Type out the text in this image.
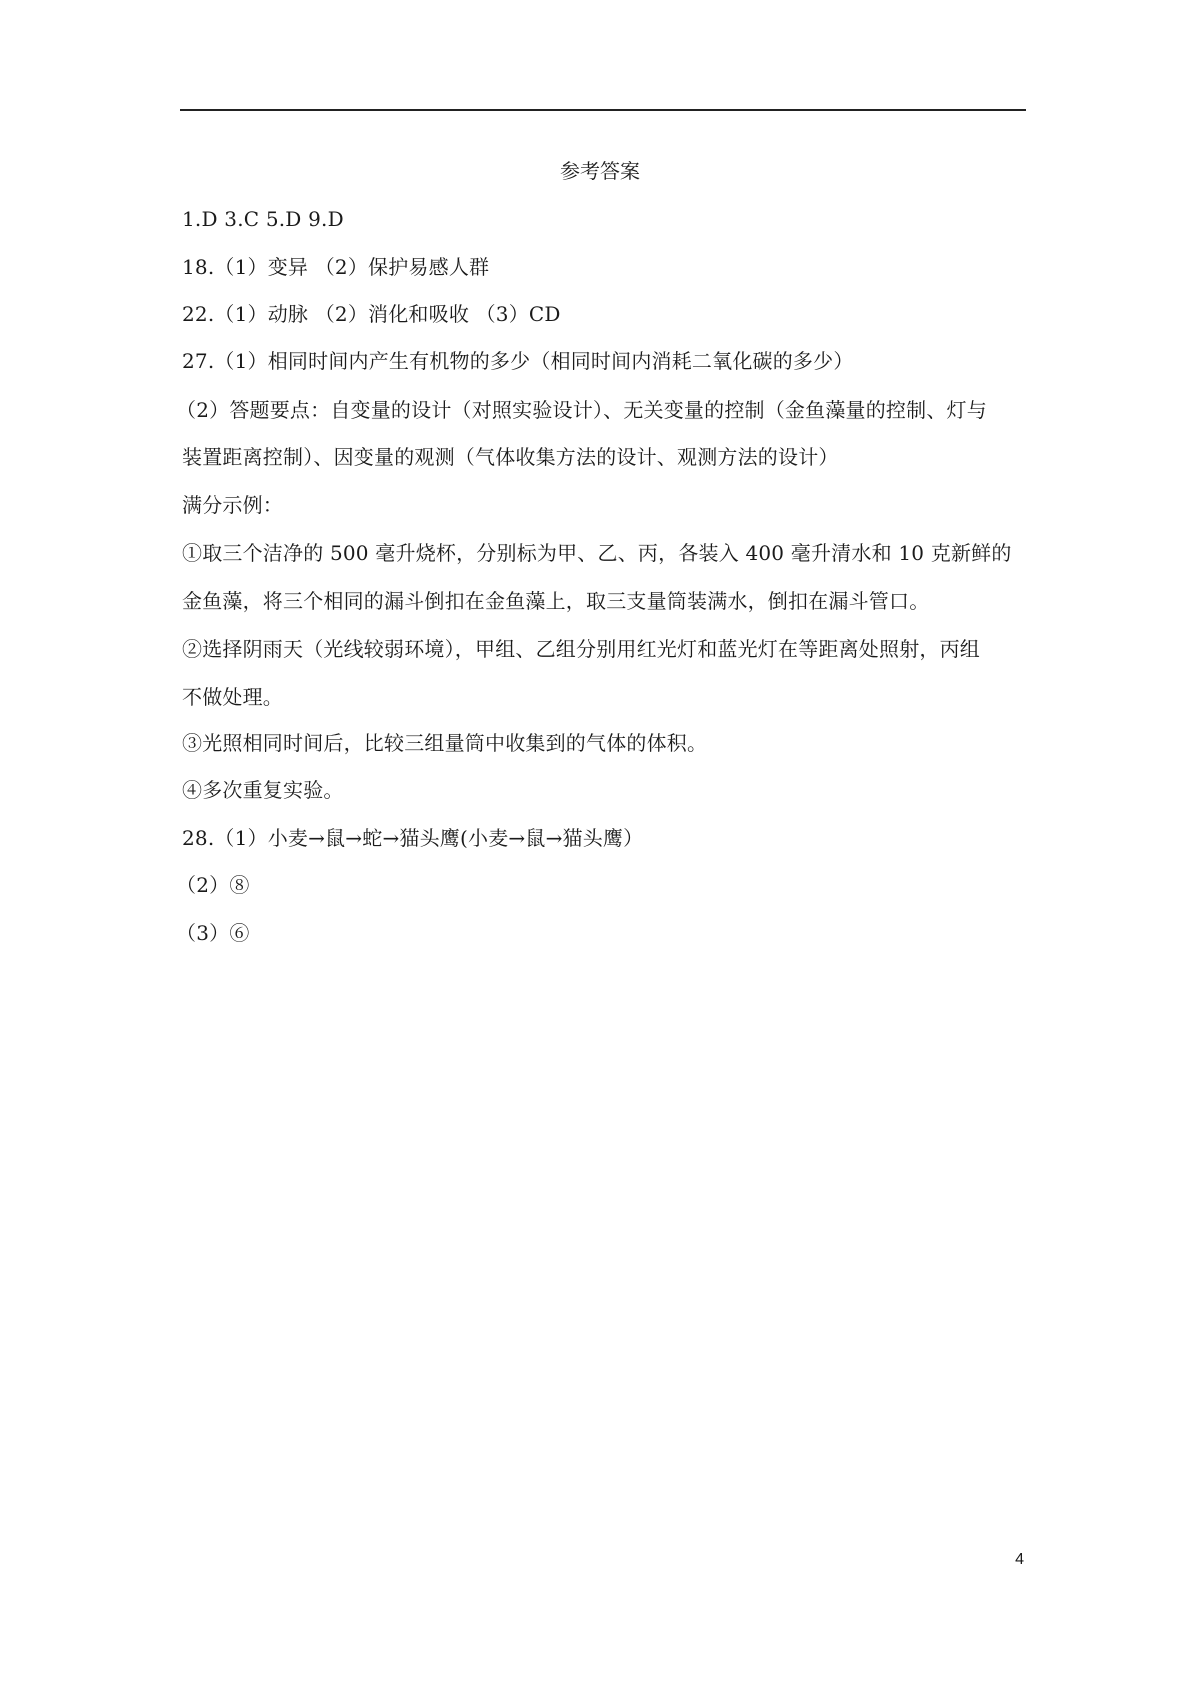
参考答案
1.D 3.C 5.D 9.D
18.（1）变异 （2）保护易感人群
22.（1）动脉 （2）消化和吸收 （3）CD
27.（1）相同时间内产生有机物的多少（相同时间内消耗二氧化碳的多少）
（2）答题要点：自变量的设计（对照实验设计）、无关变量的控制（金鱼藻量的控制、灯与
装置距离控制）、因变量的观测（气体收集方法的设计、观测方法的设计）
满分示例：
①取三个洁净的 500 毫升烧杯，分别标为甲、乙、丙，各装入 400 毫升清水和 10 克新鲜的
金鱼藻，将三个相同的漏斗倒扣在金鱼藻上，取三支量筒装满水，倒扣在漏斗管口。
②选择阴雨天（光线较弱环境），甲组、乙组分别用红光灯和蓝光灯在等距离处照射，丙组
不做处理。
③光照相同时间后，比较三组量筒中收集到的气体的体积。
④多次重复实验。
28.（1）小麦→鼠→蛇→猫头鹰(小麦→鼠→猫头鹰）
（2）⑧
（3）⑥
4
